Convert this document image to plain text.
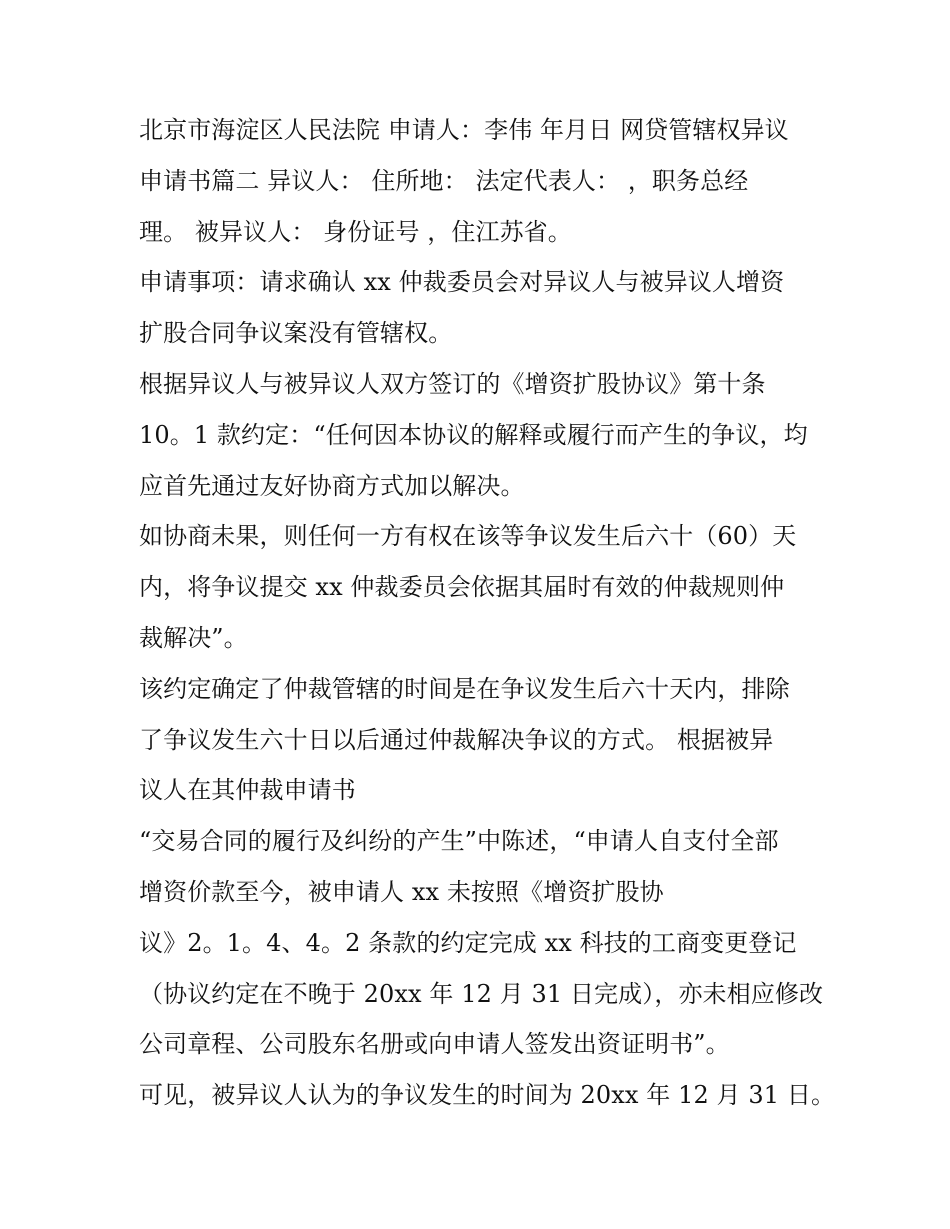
北京市海淀区人民法院 申请人：李伟 年月日 网贷管辖权异议
申请书篇二 异议人： 住所地： 法定代表人： ，职务总经
理。 被异议人： 身份证号 ，住江苏省。
申请事项：请求确认 xx 仲裁委员会对异议人与被异议人增资
扩股合同争议案没有管辖权。
根据异议人与被异议人双方签订的《增资扩股协议》第十条
10。1 款约定：“任何因本协议的解释或履行而产生的争议，均
应首先通过友好协商方式加以解决。
如协商未果，则任何一方有权在该等争议发生后六十（60）天
内，将争议提交 xx 仲裁委员会依据其届时有效的仲裁规则仲
裁解决”。
该约定确定了仲裁管辖的时间是在争议发生后六十天内，排除
了争议发生六十日以后通过仲裁解决争议的方式。 根据被异
议人在其仲裁申请书
“交易合同的履行及纠纷的产生”中陈述，“申请人自支付全部
增资价款至今，被申请人 xx 未按照《增资扩股协
议》2。1。4、4。2 条款的约定完成 xx 科技的工商变更登记
（协议约定在不晚于 20xx 年 12 月 31 日完成），亦未相应修改
公司章程、公司股东名册或向申请人签发出资证明书”。
可见，被异议人认为的争议发生的时间为 20xx 年 12 月 31 日。
